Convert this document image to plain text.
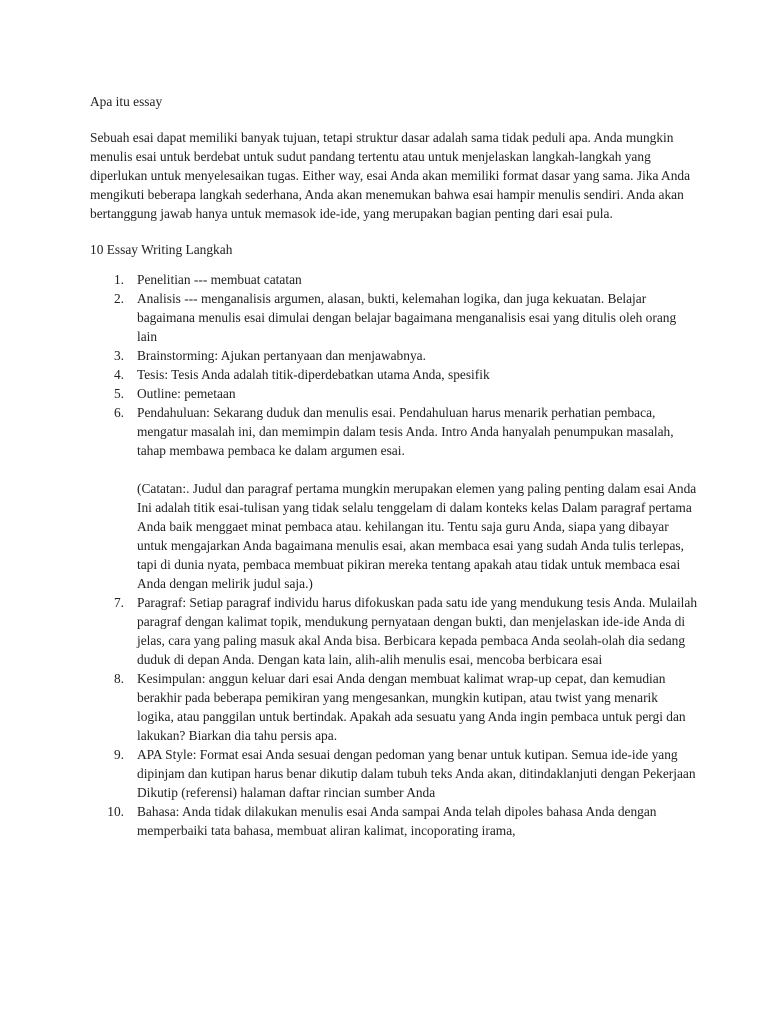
Apa itu essay

Sebuah esai dapat memiliki banyak tujuan, tetapi struktur dasar adalah sama tidak peduli apa. Anda mungkin menulis esai untuk berdebat untuk sudut pandang tertentu atau untuk menjelaskan langkah-langkah yang diperlukan untuk menyelesaikan tugas. Either way, esai Anda akan memiliki format dasar yang sama. Jika Anda mengikuti beberapa langkah sederhana, Anda akan menemukan bahwa esai hampir menulis sendiri. Anda akan bertanggung jawab hanya untuk memasok ide-ide, yang merupakan bagian penting dari esai pula.

10 Essay Writing Langkah

1. Penelitian --- membuat catatan
2. Analisis --- menganalisis argumen, alasan, bukti, kelemahan logika, dan juga kekuatan. Belajar bagaimana menulis esai dimulai dengan belajar bagaimana menganalisis esai yang ditulis oleh orang lain
3. Brainstorming: Ajukan pertanyaan dan menjawabnya.
4. Tesis: Tesis Anda adalah titik-diperdebatkan utama Anda, spesifik
5. Outline: pemetaan
6. Pendahuluan: Sekarang duduk dan menulis esai. Pendahuluan harus menarik perhatian pembaca, mengatur masalah ini, dan memimpin dalam tesis Anda. Intro Anda hanyalah penumpukan masalah, tahap membawa pembaca ke dalam argumen esai.
(Catatan:. Judul dan paragraf pertama mungkin merupakan elemen yang paling penting dalam esai Anda Ini adalah titik esai-tulisan yang tidak selalu tenggelam di dalam konteks kelas Dalam paragraf pertama Anda baik menggaet minat pembaca atau. kehilangan itu. Tentu saja guru Anda, siapa yang dibayar untuk mengajarkan Anda bagaimana menulis esai, akan membaca esai yang sudah Anda tulis terlepas, tapi di dunia nyata, pembaca membuat pikiran mereka tentang apakah atau tidak untuk membaca esai Anda dengan melirik judul saja.)
7. Paragraf: Setiap paragraf individu harus difokuskan pada satu ide yang mendukung tesis Anda. Mulailah paragraf dengan kalimat topik, mendukung pernyataan dengan bukti, dan menjelaskan ide-ide Anda di jelas, cara yang paling masuk akal Anda bisa. Berbicara kepada pembaca Anda seolah-olah dia sedang duduk di depan Anda. Dengan kata lain, alih-alih menulis esai, mencoba berbicara esai
8. Kesimpulan: anggun keluar dari esai Anda dengan membuat kalimat wrap-up cepat, dan kemudian berakhir pada beberapa pemikiran yang mengesankan, mungkin kutipan, atau twist yang menarik logika, atau panggilan untuk bertindak. Apakah ada sesuatu yang Anda ingin pembaca untuk pergi dan lakukan? Biarkan dia tahu persis apa.
9. APA Style: Format esai Anda sesuai dengan pedoman yang benar untuk kutipan. Semua ide-ide yang dipinjam dan kutipan harus benar dikutip dalam tubuh teks Anda akan, ditindaklanjuti dengan Pekerjaan Dikutip (referensi) halaman daftar rincian sumber Anda
10. Bahasa: Anda tidak dilakukan menulis esai Anda sampai Anda telah dipoles bahasa Anda dengan memperbaiki tata bahasa, membuat aliran kalimat, incoporating irama,
